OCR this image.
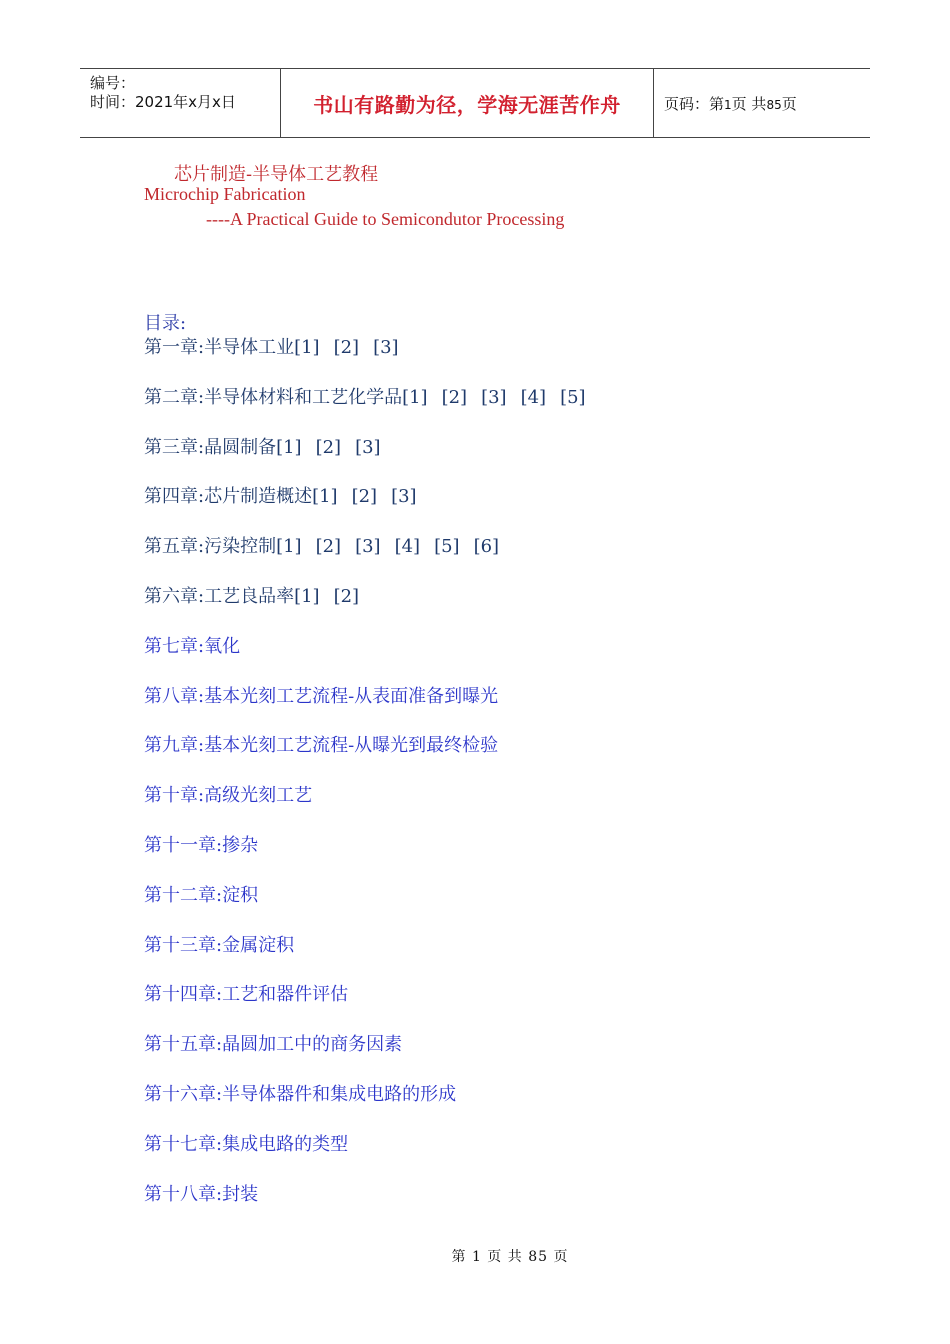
编号：
时间：2021年x月x日	书山有路勤为径，学海无涯苦作舟	页码：第1页 共85页
芯片制造-半导体工艺教程
Microchip Fabrication
----A Practical Guide to Semicondutor Processing
目录:
第一章:半导体工业[1] [2] [3]
第二章:半导体材料和工艺化学品[1] [2] [3] [4] [5]
第三章:晶圆制备[1] [2] [3]
第四章:芯片制造概述[1] [2] [3]
第五章:污染控制[1] [2] [3] [4] [5] [6]
第六章:工艺良品率[1] [2]
第七章:氧化
第八章:基本光刻工艺流程-从表面准备到曝光
第九章:基本光刻工艺流程-从曝光到最终检验
第十章:高级光刻工艺
第十一章:掺杂
第十二章:淀积
第十三章:金属淀积
第十四章:工艺和器件评估
第十五章:晶圆加工中的商务因素
第十六章:半导体器件和集成电路的形成
第十七章:集成电路的类型
第十八章:封装
第 1 页 共 85 页
